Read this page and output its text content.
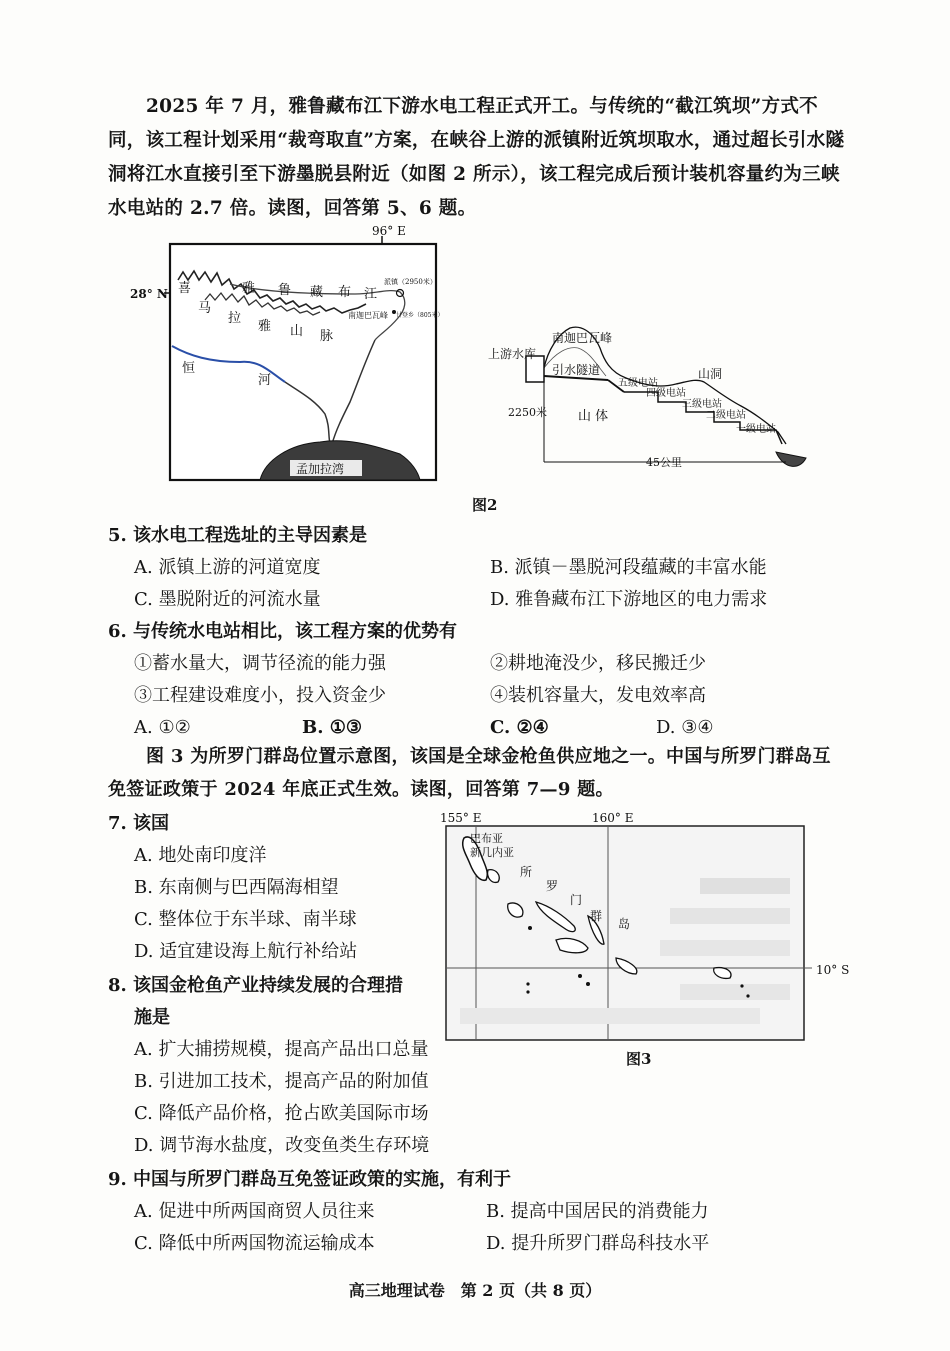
2025 年 7 月，雅鲁藏布江下游水电工程正式开工。与传统的“截江筑坝”方式不同，该工程计划采用“裁弯取直”方案，在峡谷上游的派镇附近筑坝取水，通过超长引水隧洞将江水直接引至下游墨脱县附近（如图 2 所示），该工程完成后预计装机容量约为三峡水电站的 2.7 倍。读图，回答第 5、6 题。
96° E
28° N	雅 鲁 藏 布 江
喜
马
拉
雅 山 脉
派镇（2950米）
南迦巴瓦峰 甘登乡（805米）
恒
河
孟加拉湾
南迦巴瓦峰
上游水库
引水隧道	山洞
五级电站
四级电站
三级电站
二级电站
一级电站
2250米 山 体
45公里
图2
5. 该水电工程选址的主导因素是
A. 派镇上游的河道宽度	B. 派镇－墨脱河段蕴藏的丰富水能
C. 墨脱附近的河流水量	D. 雅鲁藏布江下游地区的电力需求
6. 与传统水电站相比，该工程方案的优势有
①蓄水量大，调节径流的能力强	②耕地淹没少，移民搬迁少
③工程建设难度小，投入资金少	④装机容量大，发电效率高
A. ①②	B. ①③	C. ②④	D. ③④
图 3 为所罗门群岛位置示意图，该国是全球金枪鱼供应地之一。中国与所罗门群岛互免签证政策于 2024 年底正式生效。读图，回答第 7—9 题。
155° E	160° E
10° S
巴布亚
新几内亚
所
罗
门
群
岛
图3
7. 该国
A. 地处南印度洋
B. 东南侧与巴西隔海相望
C. 整体位于东半球、南半球
D. 适宜建设海上航行补给站
8. 该国金枪鱼产业持续发展的合理措
施是
A. 扩大捕捞规模，提高产品出口总量
B. 引进加工技术，提高产品的附加值
C. 降低产品价格，抢占欧美国际市场
D. 调节海水盐度，改变鱼类生存环境
9. 中国与所罗门群岛互免签证政策的实施，有利于
A. 促进中所两国商贸人员往来	B. 提高中国居民的消费能力
C. 降低中所两国物流运输成本	D. 提升所罗门群岛科技水平
高三地理试卷　第 2 页（共 8 页）
